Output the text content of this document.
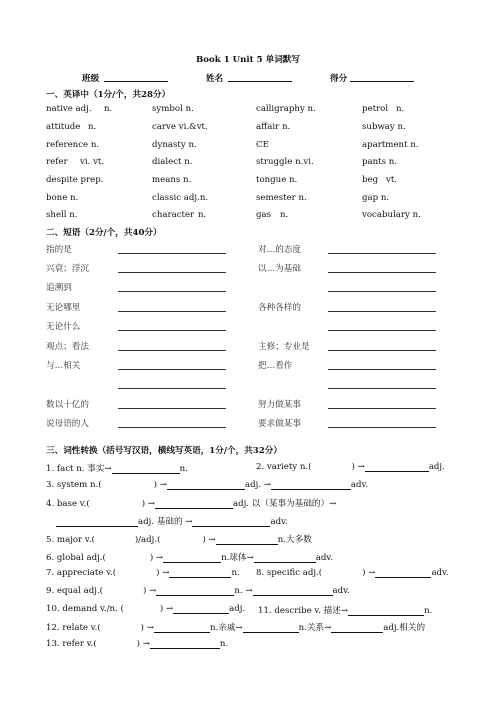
Book 1 Unit 5 单词默写
班级	姓名	得分
一、英译中（1分/个，共28分）
native adj. n.	symbol n.	calligraphy n.	petrol n.
attitude n.	carve vi.&vt.	affair n.	subway n.
reference n.	dynasty n.	CE	apartment n.
refer vi. vt.	dialect n.	struggle n.vi.	pants n.
despite prep.	means n.	tongue n.	beg vt.
bone n.	classic adj.n.	semester n.	gap n.
shell n.	character n.	gas n.	vocabulary n.
二、短语（2分/个，共40分）
指的是	对…的态度
兴衰；浮沉	以…为基础
追溯到
无论哪里	各种各样的
无论什么
观点；看法	主修；专业是
与…相关	把…看作
数以十亿的	努力做某事
说母语的人	要求做某事
三、词性转换（括号写汉语，横线写英语，1分/个，共32分）
1. fact n. 事实→	n.	2. variety n.(	) →	adj.
3. system n.(	) →	adj. →	adv.
4. base v.(	) →	adj. 以（某事为基础的）→
adj. 基础的 →	adv.
5. major v.(	)/adj.(	) →	n.大多数
6. global adj.(	) →	n.球体→	adv.
7. appreciate v.(	) →	n. 8. specific adj.(	) →	adv.
9. equal adj.(	) →	n. →	adv.
10. demand v./n. (	) →	adj. 11. describe v. 描述→	n.
12. relate v.(	) →	n.亲戚→	n.关系→	adj.相关的
13. refer v.(	) →	n.
